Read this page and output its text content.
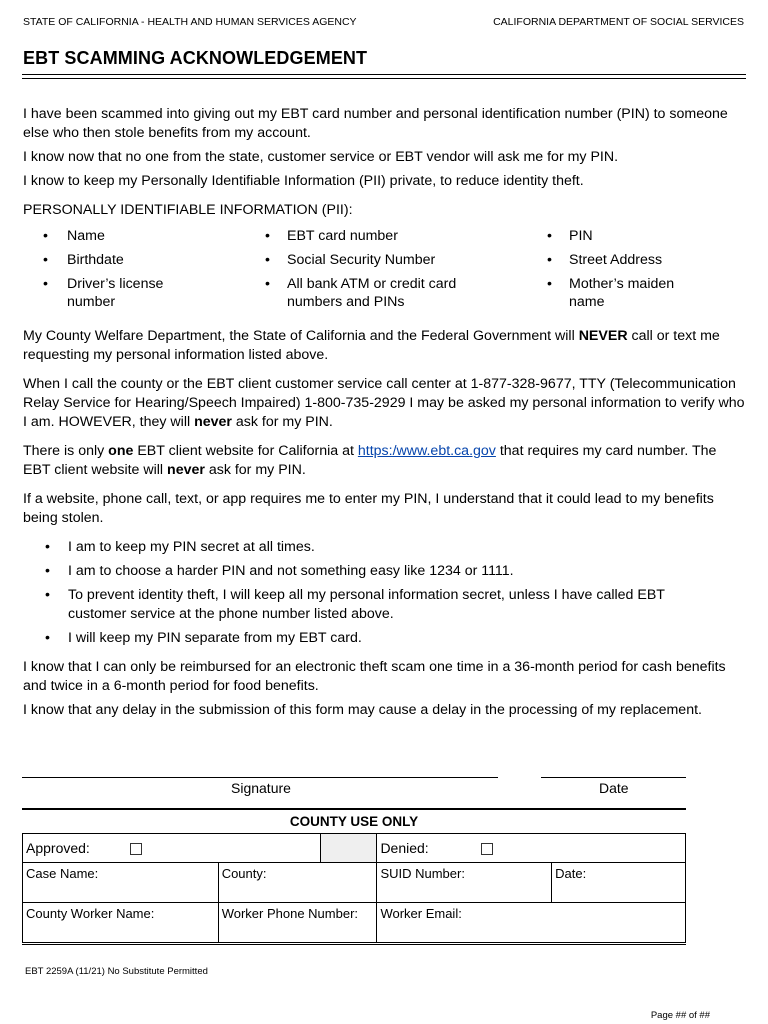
STATE OF CALIFORNIA - HEALTH AND HUMAN SERVICES AGENCY	CALIFORNIA DEPARTMENT OF SOCIAL SERVICES
EBT SCAMMING ACKNOWLEDGEMENT

I have been scammed into giving out my EBT card number and personal identification number (PIN) to someone else who then stole benefits from my account.

I know now that no one from the state, customer service or EBT vendor will ask me for my PIN.

I know to keep my Personally Identifiable Information (PII) private, to reduce identity theft.

PERSONALLY IDENTIFIABLE INFORMATION (PII):

• Name
• Birthdate
• Driver’s license number
• EBT card number
• Social Security Number
• All bank ATM or credit card numbers and PINs
• PIN
• Street Address
• Mother’s maiden name

My County Welfare Department, the State of California and the Federal Government will NEVER call or text me requesting my personal information listed above.

When I call the county or the EBT client customer service call center at 1-877-328-9677, TTY (Telecommunication Relay Service for Hearing/Speech Impaired) 1-800-735-2929 I may be asked my personal information to verify who I am. HOWEVER, they will never ask for my PIN.

There is only one EBT client website for California at https:/www.ebt.ca.gov that requires my card number. The EBT client website will never ask for my PIN.

If a website, phone call, text, or app requires me to enter my PIN, I understand that it could lead to my benefits being stolen.

• I am to keep my PIN secret at all times.
• I am to choose a harder PIN and not something easy like 1234 or 1111.
• To prevent identity theft, I will keep all my personal information secret, unless I have called EBT customer service at the phone number listed above.
• I will keep my PIN separate from my EBT card.

I know that I can only be reimbursed for an electronic theft scam one time in a 36-month period for cash benefits and twice in a 6-month period for food benefits.

I know that any delay in the submission of this form may cause a delay in the processing of my replacement.

Signature	Date
COUNTY USE ONLY
Approved:			Denied:	
Case Name:	County:		SUID Number:	Date:
County Worker Name:	Worker Phone Number:		Worker Email:	
EBT 2259A (11/21) No Substitute Permitted
Page ## of ##
